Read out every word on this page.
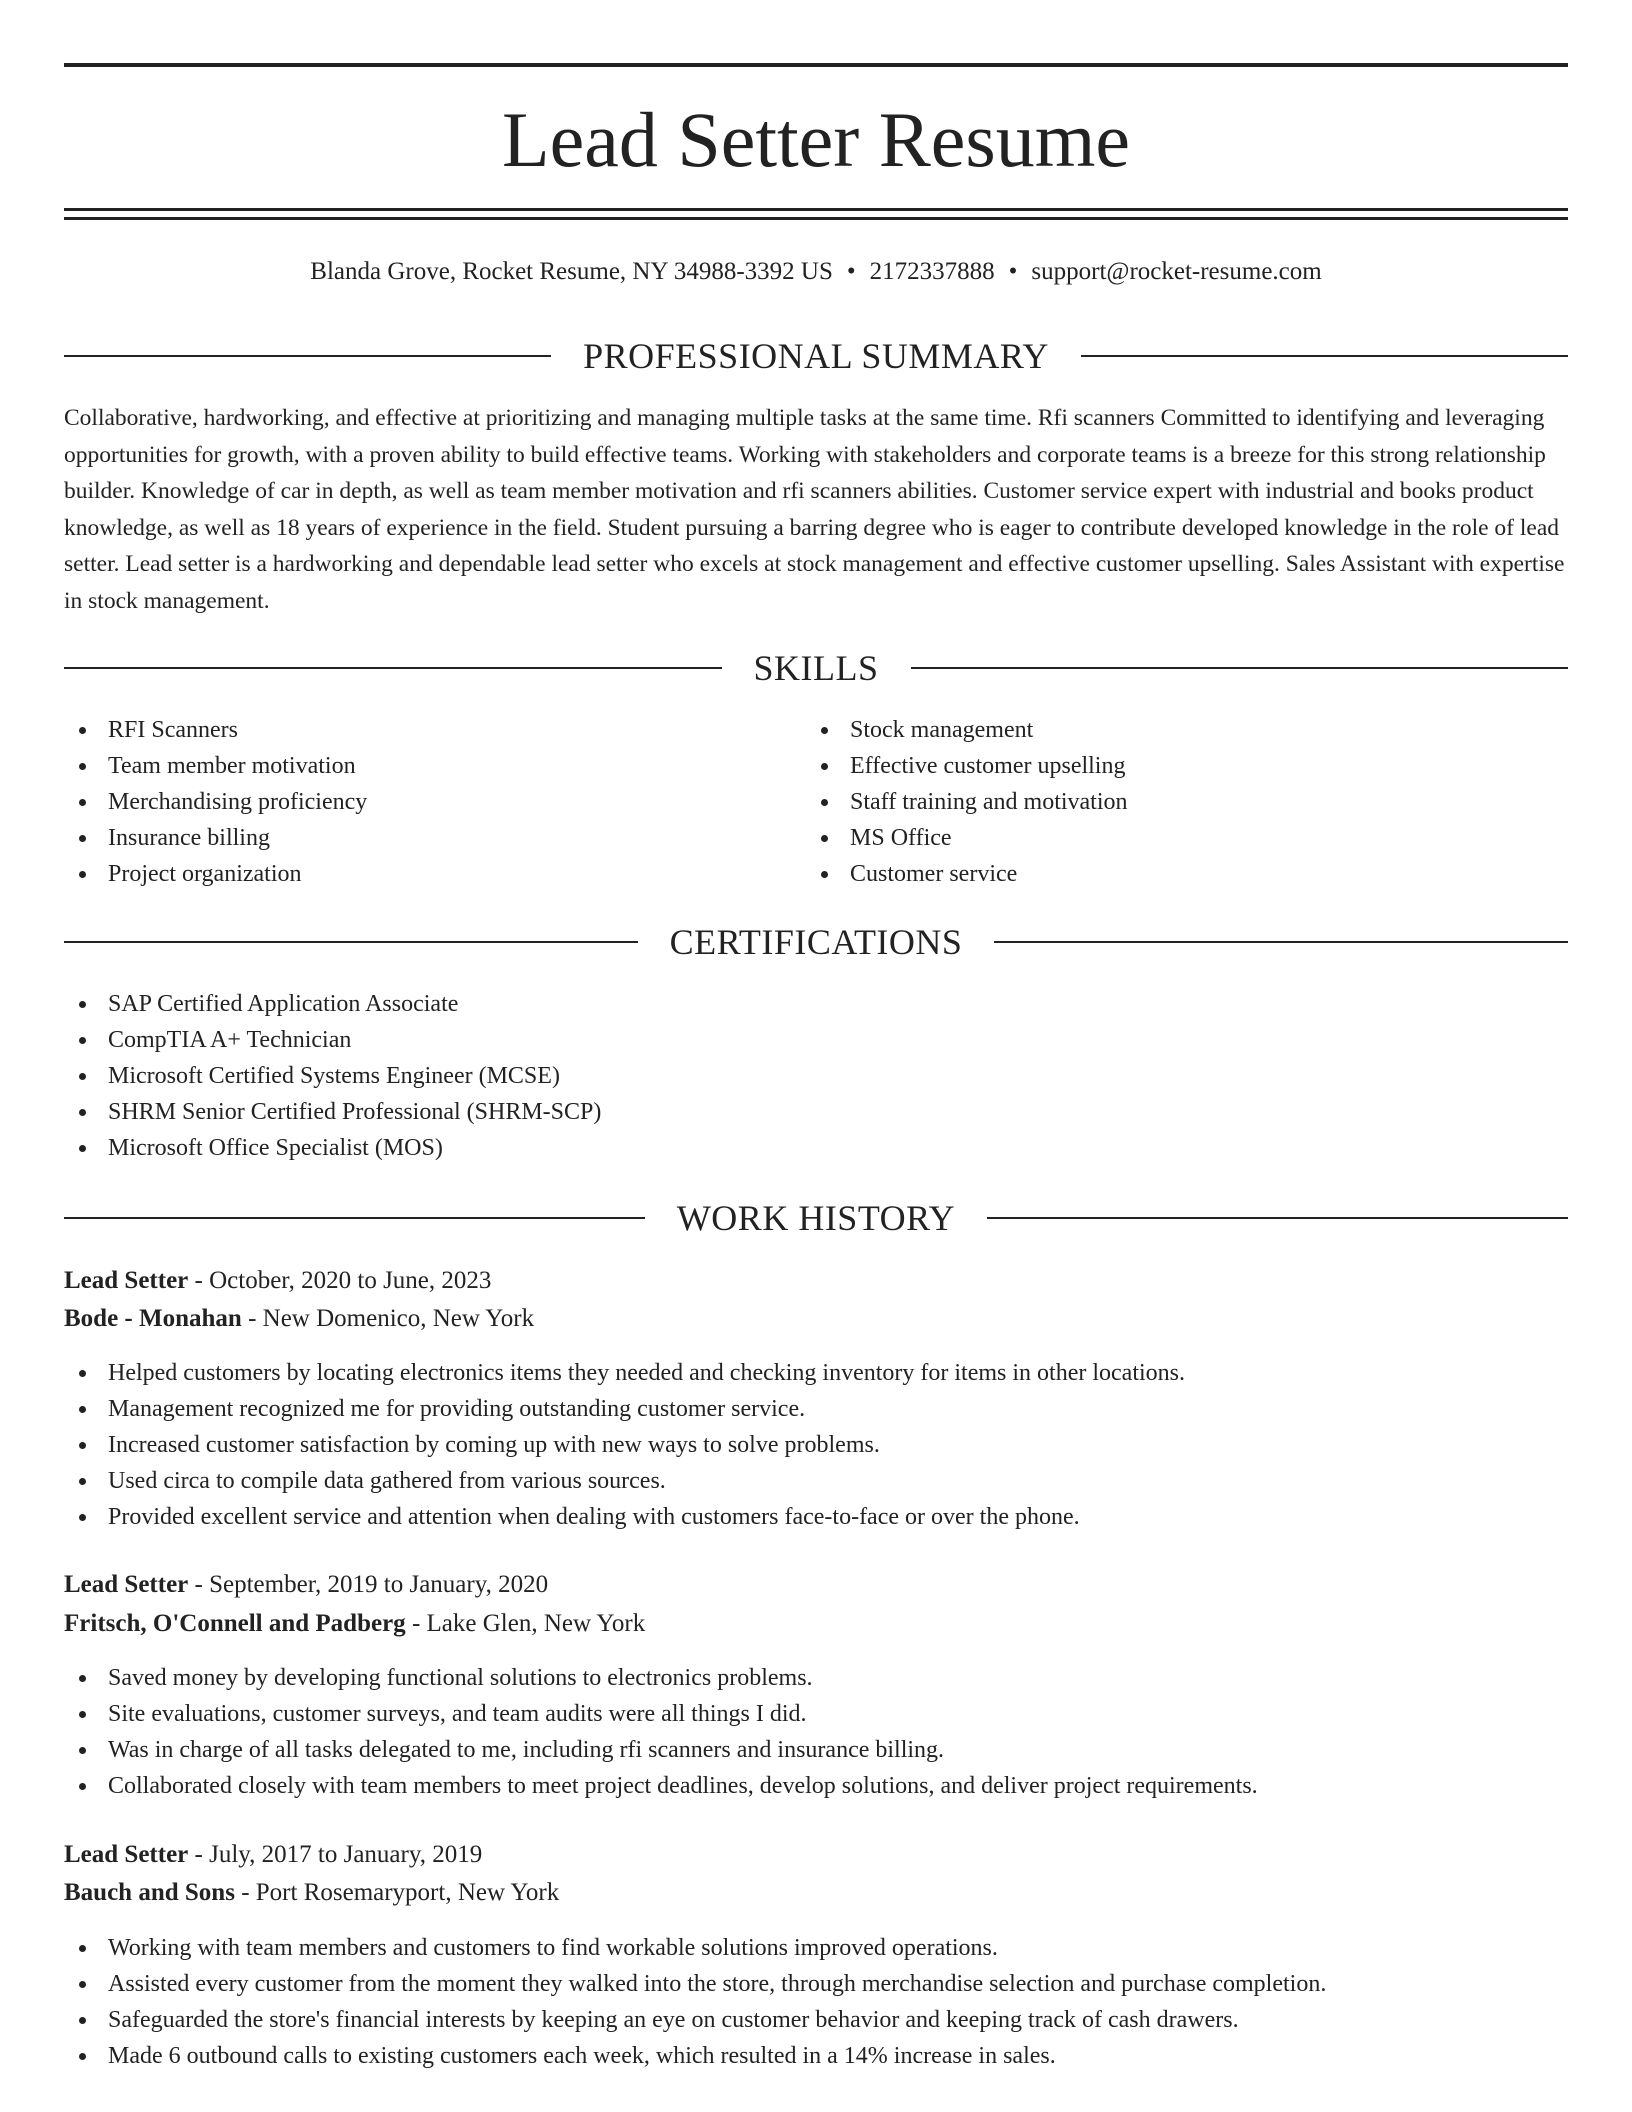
Lead Setter Resume
Blanda Grove, Rocket Resume, NY 34988-3392 US • 2172337888 • support@rocket-resume.com
PROFESSIONAL SUMMARY

Collaborative, hardworking, and effective at prioritizing and managing multiple tasks at the same time. Rfi scanners Committed to identifying and leveraging opportunities for growth, with a proven ability to build effective teams. Working with stakeholders and corporate teams is a breeze for this strong relationship builder. Knowledge of car in depth, as well as team member motivation and rfi scanners abilities. Customer service expert with industrial and books product knowledge, as well as 18 years of experience in the field. Student pursuing a barring degree who is eager to contribute developed knowledge in the role of lead setter. Lead setter is a hardworking and dependable lead setter who excels at stock management and effective customer upselling. Sales Assistant with expertise in stock management.

SKILLS
RFI Scanners
Team member motivation
Merchandising proficiency
Insurance billing
Project organization
Stock management
Effective customer upselling
Staff training and motivation
MS Office
Customer service
CERTIFICATIONS
SAP Certified Application Associate
CompTIA A+ Technician
Microsoft Certified Systems Engineer (MCSE)
SHRM Senior Certified Professional (SHRM-SCP)
Microsoft Office Specialist (MOS)
WORK HISTORY
Lead Setter - October, 2020 to June, 2023
Bode - Monahan - New Domenico, New York
Helped customers by locating electronics items they needed and checking inventory for items in other locations.
Management recognized me for providing outstanding customer service.
Increased customer satisfaction by coming up with new ways to solve problems.
Used circa to compile data gathered from various sources.
Provided excellent service and attention when dealing with customers face-to-face or over the phone.
Lead Setter - September, 2019 to January, 2020
Fritsch, O'Connell and Padberg - Lake Glen, New York
Saved money by developing functional solutions to electronics problems.
Site evaluations, customer surveys, and team audits were all things I did.
Was in charge of all tasks delegated to me, including rfi scanners and insurance billing.
Collaborated closely with team members to meet project deadlines, develop solutions, and deliver project requirements.
Lead Setter - July, 2017 to January, 2019
Bauch and Sons - Port Rosemaryport, New York
Working with team members and customers to find workable solutions improved operations.
Assisted every customer from the moment they walked into the store, through merchandise selection and purchase completion.
Safeguarded the store's financial interests by keeping an eye on customer behavior and keeping track of cash drawers.
Made 6 outbound calls to existing customers each week, which resulted in a 14% increase in sales.
